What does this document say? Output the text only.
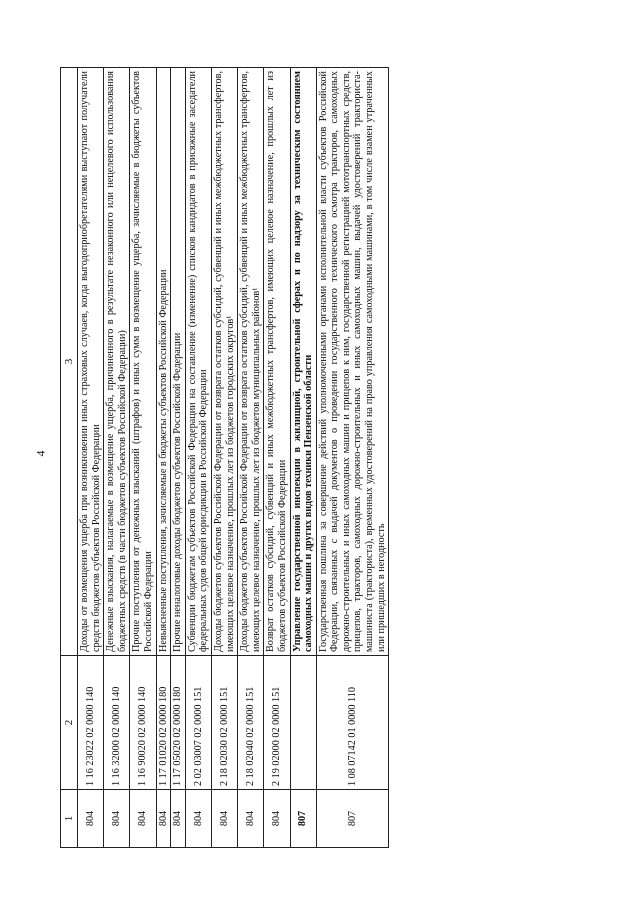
4
1	2	3
804	1 16 23022 02 0000 140	Доходы от возмещения ущерба при возникновении иных страховых случаев, когда выгодоприобретателями выступают получатели средств бюджетов субъектов Российской Федерации
804	1 16 32000 02 0000 140	Денежные взыскания, налагаемые в возмещение ущерба, причиненного в результате незаконного или нецелевого использования бюджетных средств (в части бюджетов субъектов Российской Федерации)
804	1 16 90020 02 0000 140	Прочие поступления от денежных взысканий (штрафов) и иных сумм в возмещение ущерба, зачисляемые в бюджеты субъектов Российской Федерации
804	1 17 01020 02 0000 180	Невыясненные поступления, зачисляемые в бюджеты субъектов Российской Федерации
804	1 17 05020 02 0000 180	Прочие неналоговые доходы бюджетов субъектов Российской Федерации
804	2 02 03007 02 0000 151	Субвенции бюджетам субъектов Российской Федерации на составление (изменение) списков кандидатов в присяжные заседатели федеральных судов общей юрисдикции в Российской Федерации
804	2 18 02030 02 0000 151	Доходы бюджетов субъектов Российской Федерации от возврата остатков субсидий, субвенций и иных межбюджетных трансфертов, имеющих целевое назначение, прошлых лет из бюджетов городских округов¹
804	2 18 02040 02 0000 151	Доходы бюджетов субъектов Российской Федерации от возврата остатков субсидий, субвенций и иных межбюджетных трансфертов, имеющих целевое назначение, прошлых лет из бюджетов муниципальных районов¹
804	2 19 02000 02 0000 151	Возврат остатков субсидий, субвенций и иных межбюджетных трансфертов, имеющих целевое назначение, прошлых лет из бюджетов субъектов Российской Федерации
807		Управление государственной инспекции в жилищной, строительной сферах и по надзору за техническим состоянием самоходных машин и других видов техники Пензенской области
807	1 08 07142 01 0000 110	Государственная пошлина за совершение действий уполномоченными органами исполнительной власти субъектов Российской Федерации, связанных с выдачей документов о проведении государственного технического осмотра тракторов, самоходных дорожно-строительных и иных самоходных машин и прицепов к ним, государственной регистрацией мототранспортных средств, прицепов, тракторов, самоходных дорожно-строительных и иных самоходных машин, выдачей удостоверений тракториста-машиниста (тракториста), временных удостоверений на право управления самоходными машинами, в том числе взамен утраченных или пришедших в негодность
